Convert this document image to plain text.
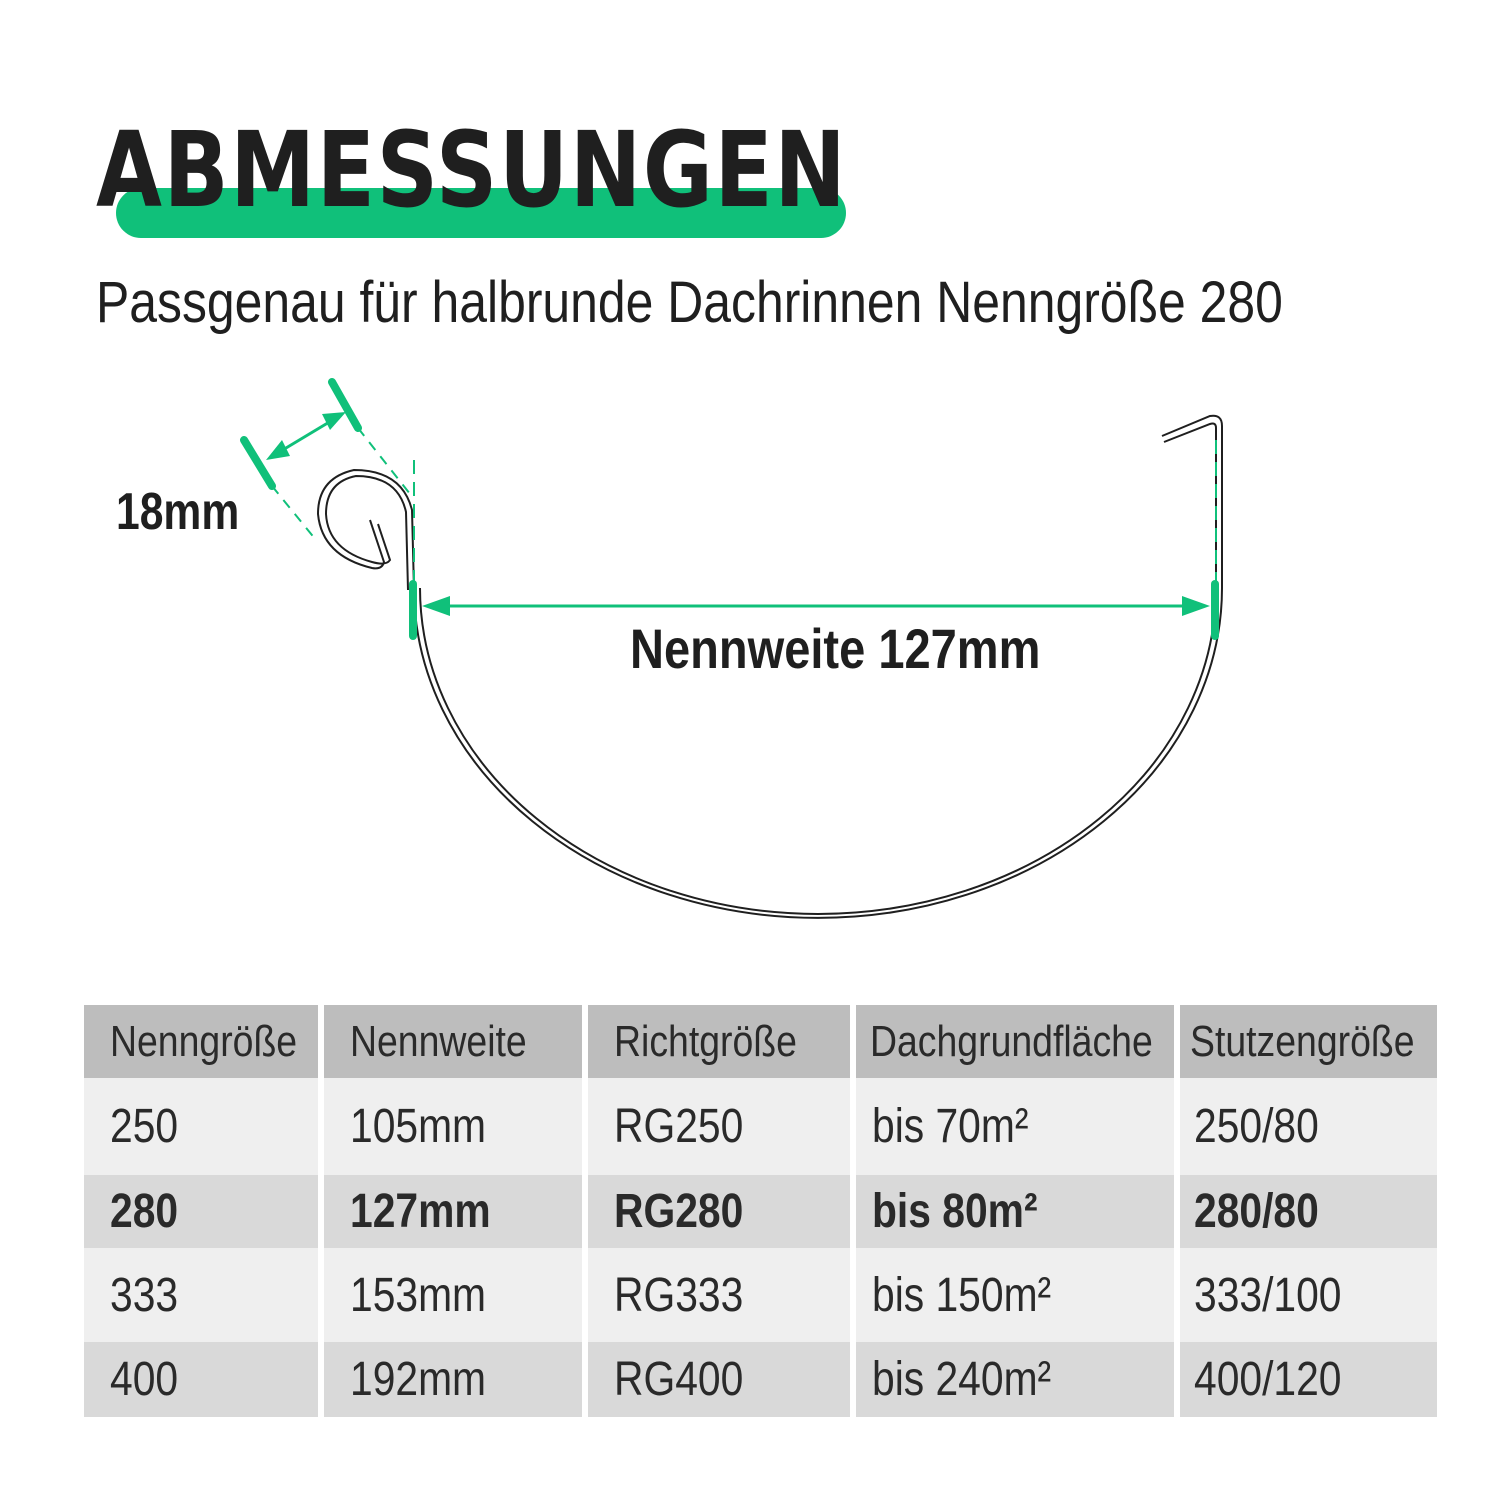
ABMESSUNGEN
Passgenau für halbrunde Dachrinnen Nenngröße 280
18mm
Nennweite 127mm
Nenngröße Nennweite Richtgröße Dachgrundfläche Stutzengröße
250	105mm	RG250	bis 70m²	250/80
280	127mm	RG280	bis 80m²	280/80
333	153mm	RG333	bis 150m²	333/100
400	192mm	RG400	bis 240m²	400/120
